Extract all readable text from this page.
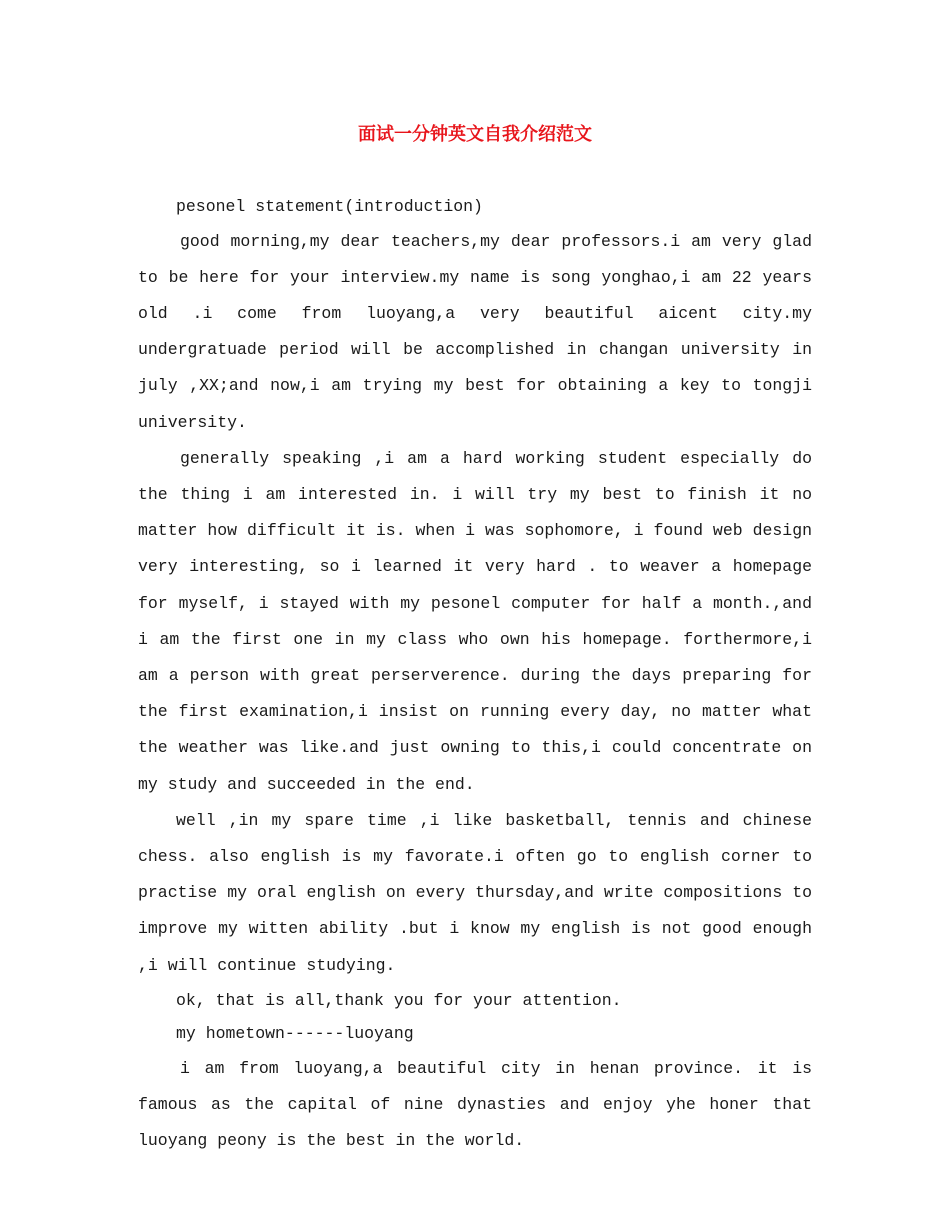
面试一分钟英文自我介绍范文

pesonel statement(introduction)

good morning,my dear teachers,my dear professors.i am very glad to be here for your interview.my name is song yonghao,i am 22 years old .i come from luoyang,a very beautiful aicent city.my undergratuade period will be accomplished in changan university in july ,XX;and now,i am trying my best for obtaining a key to tongji university.

generally speaking ,i am a hard working student especially do the thing i am interested in. i will try my best to finish it no matter how difficult it is. when i was sophomore, i found web design very interesting, so i learned it very hard . to weaver a homepage for myself, i stayed with my pesonel computer for half a month.,and i am the first one in my class who own his homepage. forthermore,i am a person with great perserverence. during the days preparing for the first examination,i insist on running every day, no matter what the weather was like.and just owning to this,i could concentrate on my study and succeeded in the end.

well ,in my spare time ,i like basketball, tennis and chinese chess. also english is my favorate.i often go to english corner to practise my oral english on every thursday,and write compositions to improve my witten ability .but i know my english is not good enough ,i will continue studying.

ok, that is all,thank you for your attention.

my hometown------luoyang

i am from luoyang,a beautiful city in henan province. it is famous as the capital of nine dynasties and enjoy yhe honer that luoyang peony is the best in the world.
